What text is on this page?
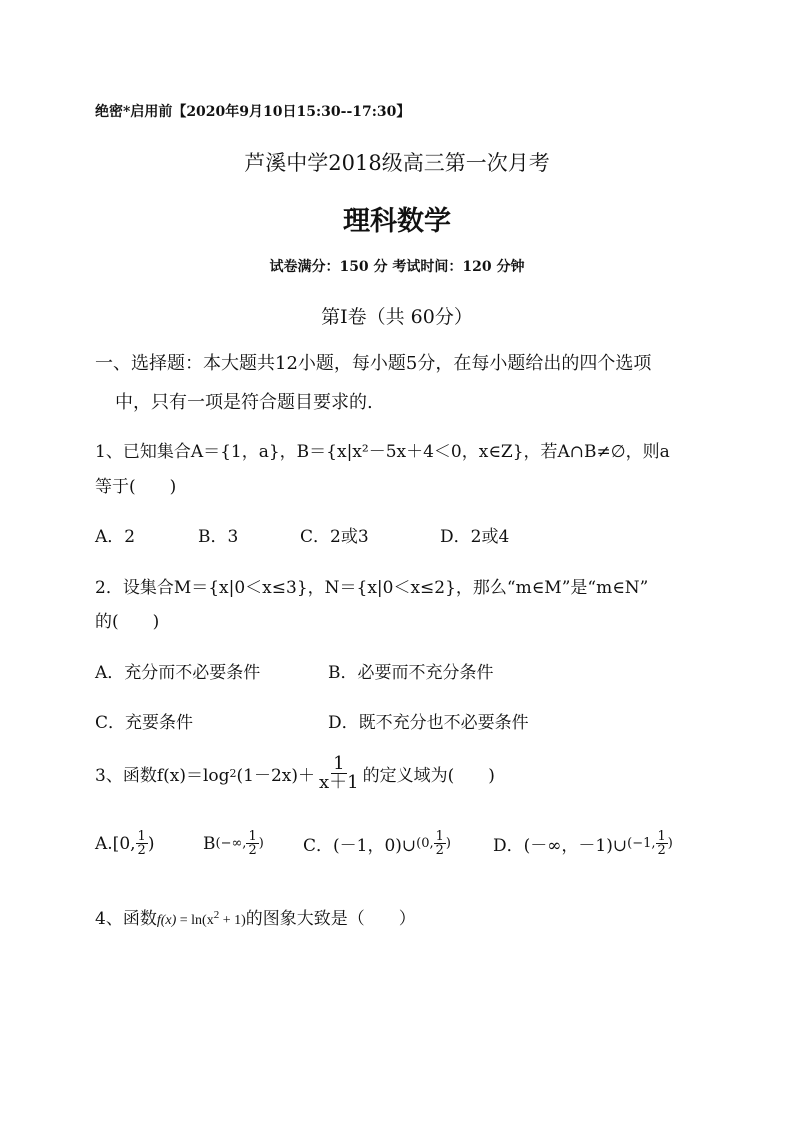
绝密*启用前【2020年9月10日15:30--17:30】
芦溪中学2018级高三第一次月考
理科数学
试卷满分：150 分 考试时间：120 分钟
第Ⅰ卷（共 60分）
一、选择题：本大题共12小题，每小题5分，在每小题给出的四个选项
中，只有一项是符合题目要求的.
1、已知集合A＝{1，a}，B＝{x|x²－5x＋4＜0，x∈Z}，若A∩B≠∅，则a
等于(　　)
A．2	B．3	C．2或3	D．2或4
2．设集合M＝{x|0＜x≤3}，N＝{x|0＜x≤2}，那么“m∈M”是“m∈N”
的(　　)
A．充分而不必要条件	B．必要而不充分条件
C．充要条件	D．既不充分也不必要条件
3、函数f(x)＝log 2 $(1-2x)+ \frac{1}{x+1}$ 的定义域为(　　)
A.[0, $\frac{1}{2}$ )	B (−∞, $\frac{1}{2}$ ) C．(－1，0)∪ (0, $\frac{1}{2}$ ) D．(－∞，－1)∪ (−1, $\frac{1}{2}$ )
4、函数$f(x) = \ln(x^2 + 1)$的图象大致是（　　）
